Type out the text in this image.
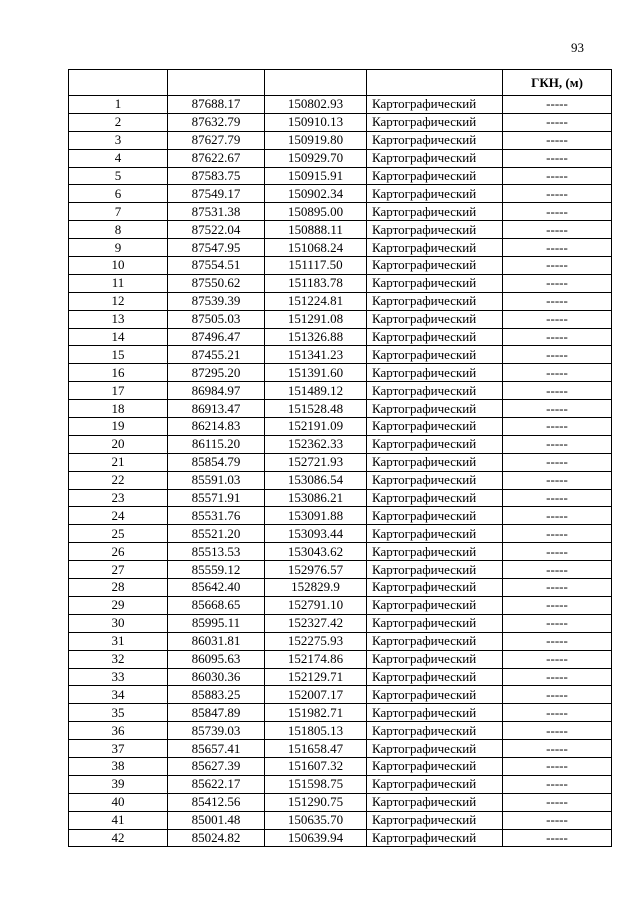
93
				ГКН, (м)
1	87688.17	150802.93	Картографический	-----
2	87632.79	150910.13	Картографический	-----
3	87627.79	150919.80	Картографический	-----
4	87622.67	150929.70	Картографический	-----
5	87583.75	150915.91	Картографический	-----
6	87549.17	150902.34	Картографический	-----
7	87531.38	150895.00	Картографический	-----
8	87522.04	150888.11	Картографический	-----
9	87547.95	151068.24	Картографический	-----
10	87554.51	151117.50	Картографический	-----
11	87550.62	151183.78	Картографический	-----
12	87539.39	151224.81	Картографический	-----
13	87505.03	151291.08	Картографический	-----
14	87496.47	151326.88	Картографический	-----
15	87455.21	151341.23	Картографический	-----
16	87295.20	151391.60	Картографический	-----
17	86984.97	151489.12	Картографический	-----
18	86913.47	151528.48	Картографический	-----
19	86214.83	152191.09	Картографический	-----
20	86115.20	152362.33	Картографический	-----
21	85854.79	152721.93	Картографический	-----
22	85591.03	153086.54	Картографический	-----
23	85571.91	153086.21	Картографический	-----
24	85531.76	153091.88	Картографический	-----
25	85521.20	153093.44	Картографический	-----
26	85513.53	153043.62	Картографический	-----
27	85559.12	152976.57	Картографический	-----
28	85642.40	152829.9	Картографический	-----
29	85668.65	152791.10	Картографический	-----
30	85995.11	152327.42	Картографический	-----
31	86031.81	152275.93	Картографический	-----
32	86095.63	152174.86	Картографический	-----
33	86030.36	152129.71	Картографический	-----
34	85883.25	152007.17	Картографический	-----
35	85847.89	151982.71	Картографический	-----
36	85739.03	151805.13	Картографический	-----
37	85657.41	151658.47	Картографический	-----
38	85627.39	151607.32	Картографический	-----
39	85622.17	151598.75	Картографический	-----
40	85412.56	151290.75	Картографический	-----
41	85001.48	150635.70	Картографический	-----
42	85024.82	150639.94	Картографический	-----
